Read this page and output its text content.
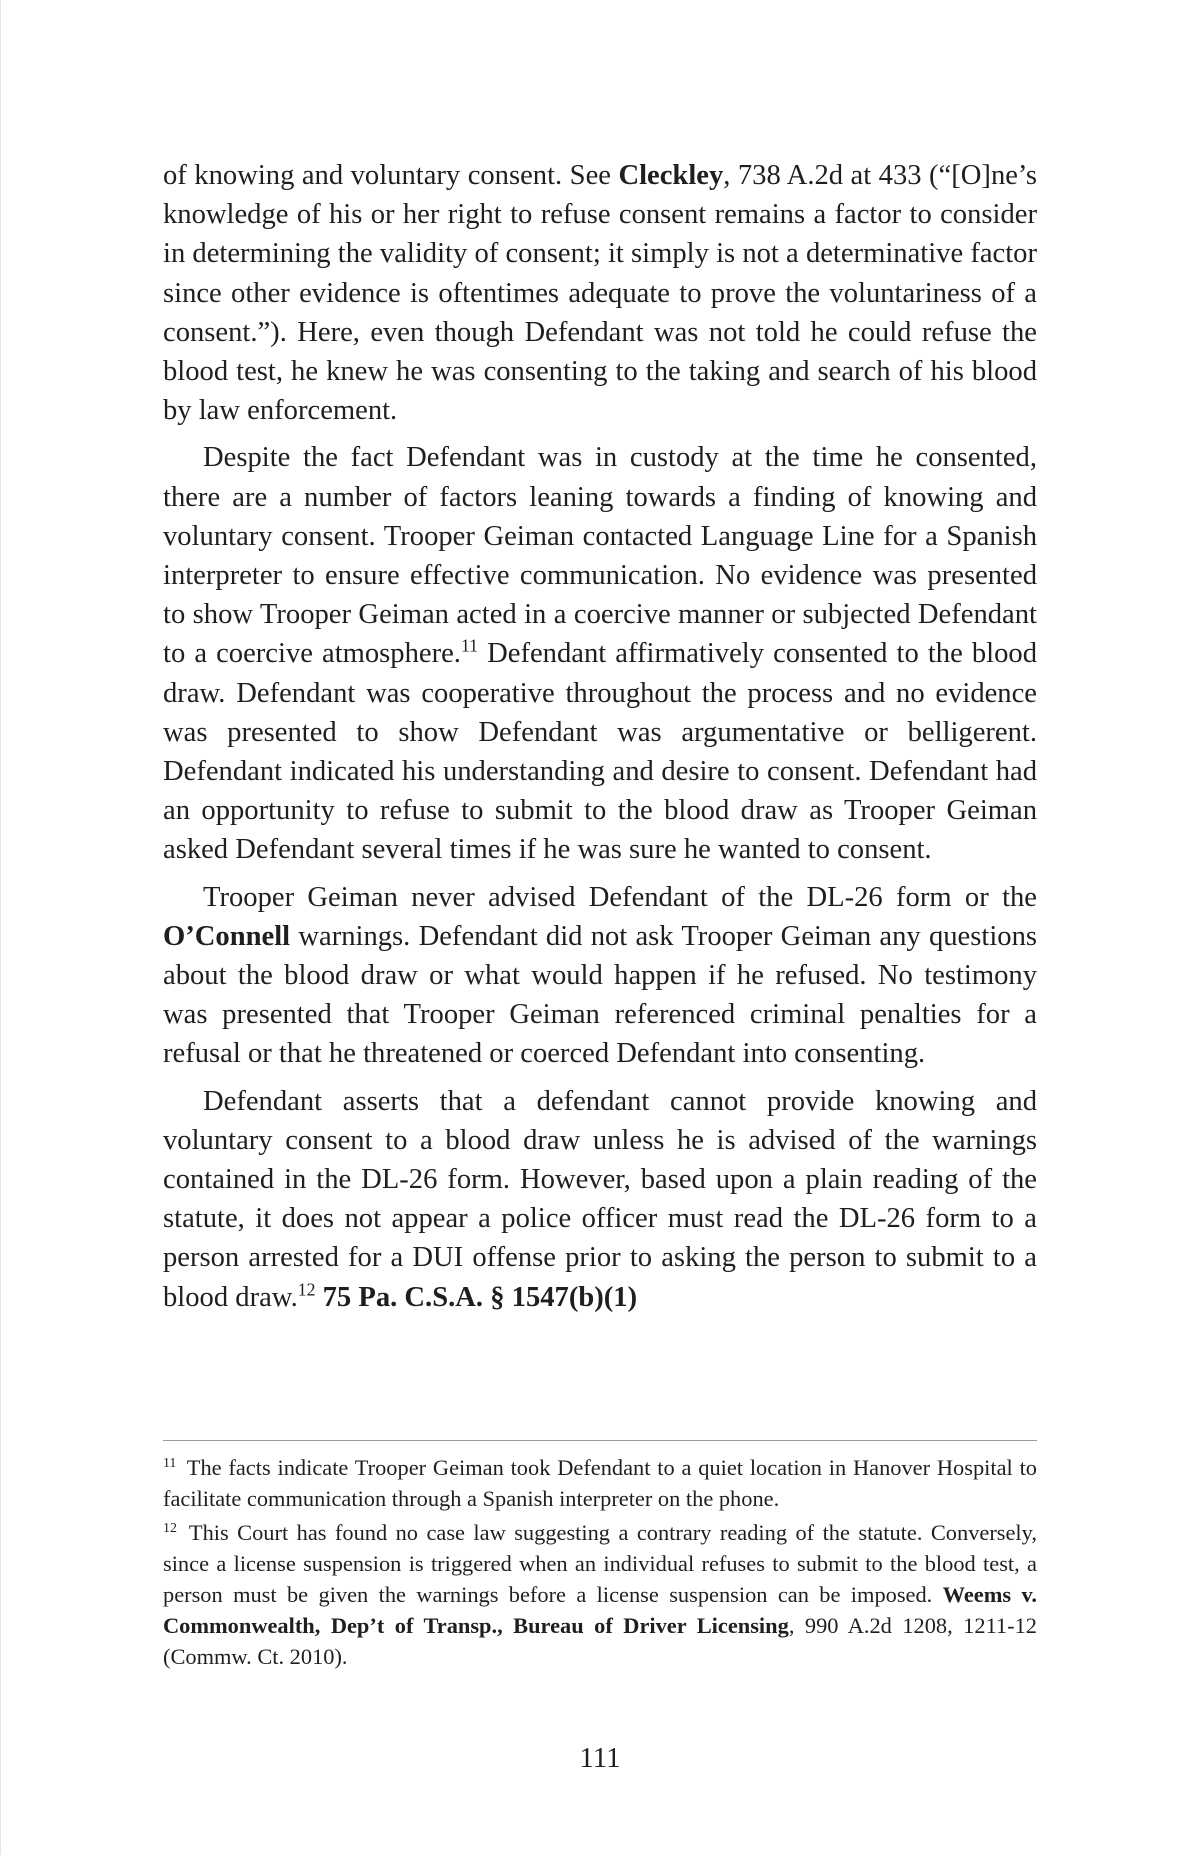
of knowing and voluntary consent. See Cleckley, 738 A.2d at 433 (“[O]ne’s knowledge of his or her right to refuse consent remains a factor to consider in determining the validity of consent; it simply is not a determinative factor since other evidence is oftentimes adequate to prove the voluntariness of a consent.”). Here, even though Defendant was not told he could refuse the blood test, he knew he was consenting to the taking and search of his blood by law enforcement.

Despite the fact Defendant was in custody at the time he consented, there are a number of factors leaning towards a finding of knowing and voluntary consent. Trooper Geiman contacted Language Line for a Spanish interpreter to ensure effective communication. No evidence was presented to show Trooper Geiman acted in a coercive manner or subjected Defendant to a coercive atmosphere.$^{11}$ Defendant affirmatively consented to the blood draw. Defendant was cooperative throughout the process and no evidence was presented to show Defendant was argumentative or belligerent. Defendant indicated his understanding and desire to consent. Defendant had an opportunity to refuse to submit to the blood draw as Trooper Geiman asked Defendant several times if he was sure he wanted to consent.

Trooper Geiman never advised Defendant of the DL-26 form or the O’Connell warnings. Defendant did not ask Trooper Geiman any questions about the blood draw or what would happen if he refused. No testimony was presented that Trooper Geiman referenced criminal penalties for a refusal or that he threatened or coerced Defendant into consenting.

Defendant asserts that a defendant cannot provide knowing and voluntary consent to a blood draw unless he is advised of the warnings contained in the DL-26 form. However, based upon a plain reading of the statute, it does not appear a police officer must read the DL-26 form to a person arrested for a DUI offense prior to asking the person to submit to a blood draw.$^{12}$ 75 Pa. C.S.A. § 1547(b)(1)

$^{11}$ The facts indicate Trooper Geiman took Defendant to a quiet location in Hanover Hospital to facilitate communication through a Spanish interpreter on the phone.

$^{12}$ This Court has found no case law suggesting a contrary reading of the statute. Conversely, since a license suspension is triggered when an individual refuses to submit to the blood test, a person must be given the warnings before a license suspension can be imposed. Weems v. Commonwealth, Dep’t of Transp., Bureau of Driver Licensing, 990 A.2d 1208, 1211-12 (Commw. Ct. 2010).

111
